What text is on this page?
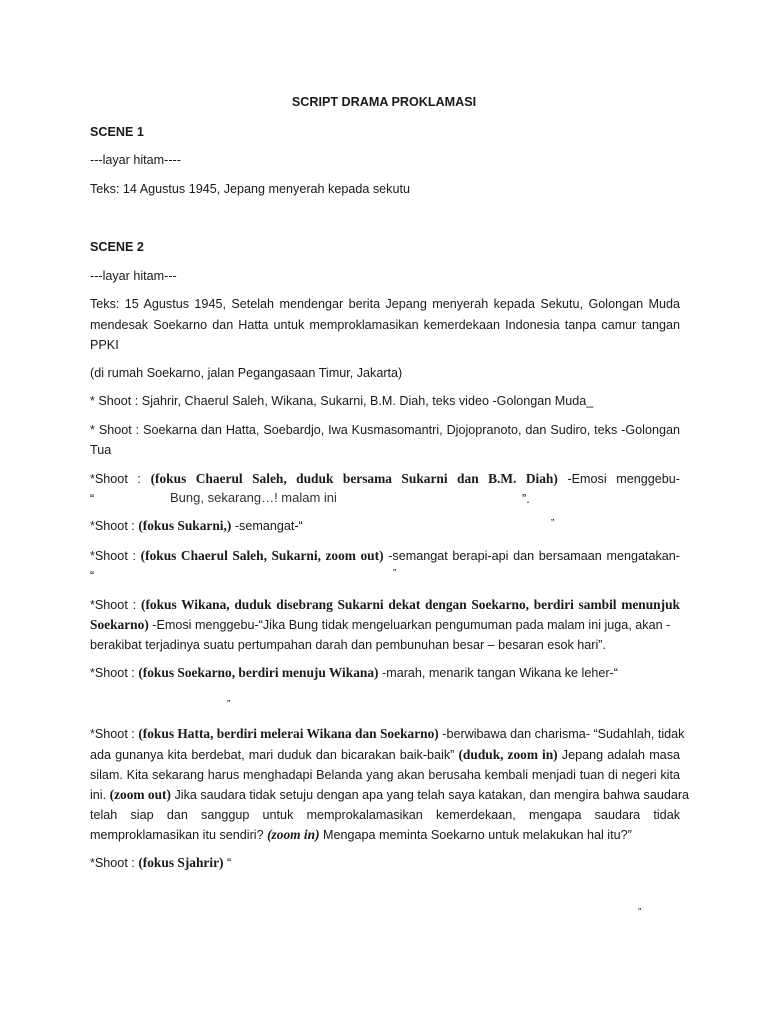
SCRIPT DRAMA PROKLAMASI
SCENE 1
---layar hitam----
Teks: 14 Agustus 1945, Jepang menyerah kepada sekutu
SCENE 2
---layar hitam---
Teks: 15 Agustus 1945, Setelah mendengar berita Jepang menyerah kepada Sekutu, Golongan Muda
mendesak Soekarno dan Hatta untuk memproklamasikan kemerdekaan Indonesia tanpa camur tangan
PPKI
(di rumah Soekarno, jalan Pegangasaan Timur, Jakarta)
* Shoot : Sjahrir, Chaerul Saleh, Wikana, Sukarni, B.M. Diah, teks video -Golongan Muda_
* Shoot : Soekarna dan Hatta, Soebardjo, Iwa Kusmasomantri, Djojopranoto, dan Sudiro, teks -Golongan
Tua
*Shoot : (fokus Chaerul Saleh, duduk bersama Sukarni dan B.M. Diah) -Emosi menggebu-
“	Bung, sekarang…! malam ini	”.
*Shoot : (fokus Sukarni,) -semangat-“	”
*Shoot : (fokus Chaerul Saleh, Sukarni, zoom out) -semangat berapi-api dan bersamaan mengatakan-
“	”
*Shoot : (fokus Wikana, duduk disebrang Sukarni dekat dengan Soekarno, berdiri sambil menunjuk
Soekarno) -Emosi menggebu-“Jika Bung tidak mengeluarkan pengumuman pada malam ini juga, akan -
berakibat terjadinya suatu pertumpahan darah dan pembunuhan besar – besaran esok hari”.
*Shoot : (fokus Soekarno, berdiri menuju Wikana) -marah, menarik tangan Wikana ke leher-“
”
*Shoot : (fokus Hatta, berdiri melerai Wikana dan Soekarno) -berwibawa dan charisma- “Sudahlah, tidak
ada gunanya kita berdebat, mari duduk dan bicarakan baik-baik” (duduk, zoom in) Jepang adalah masa
silam. Kita sekarang harus menghadapi Belanda yang akan berusaha kembali menjadi tuan di negeri kita
ini. (zoom out) Jika saudara tidak setuju dengan apa yang telah saya katakan, dan mengira bahwa saudara
telah siap dan sanggup untuk memprokalamasikan kemerdekaan, mengapa saudara tidak
memproklamasikan itu sendiri? (zoom in) Mengapa meminta Soekarno untuk melakukan hal itu?”
*Shoot : (fokus Sjahrir) “
”
